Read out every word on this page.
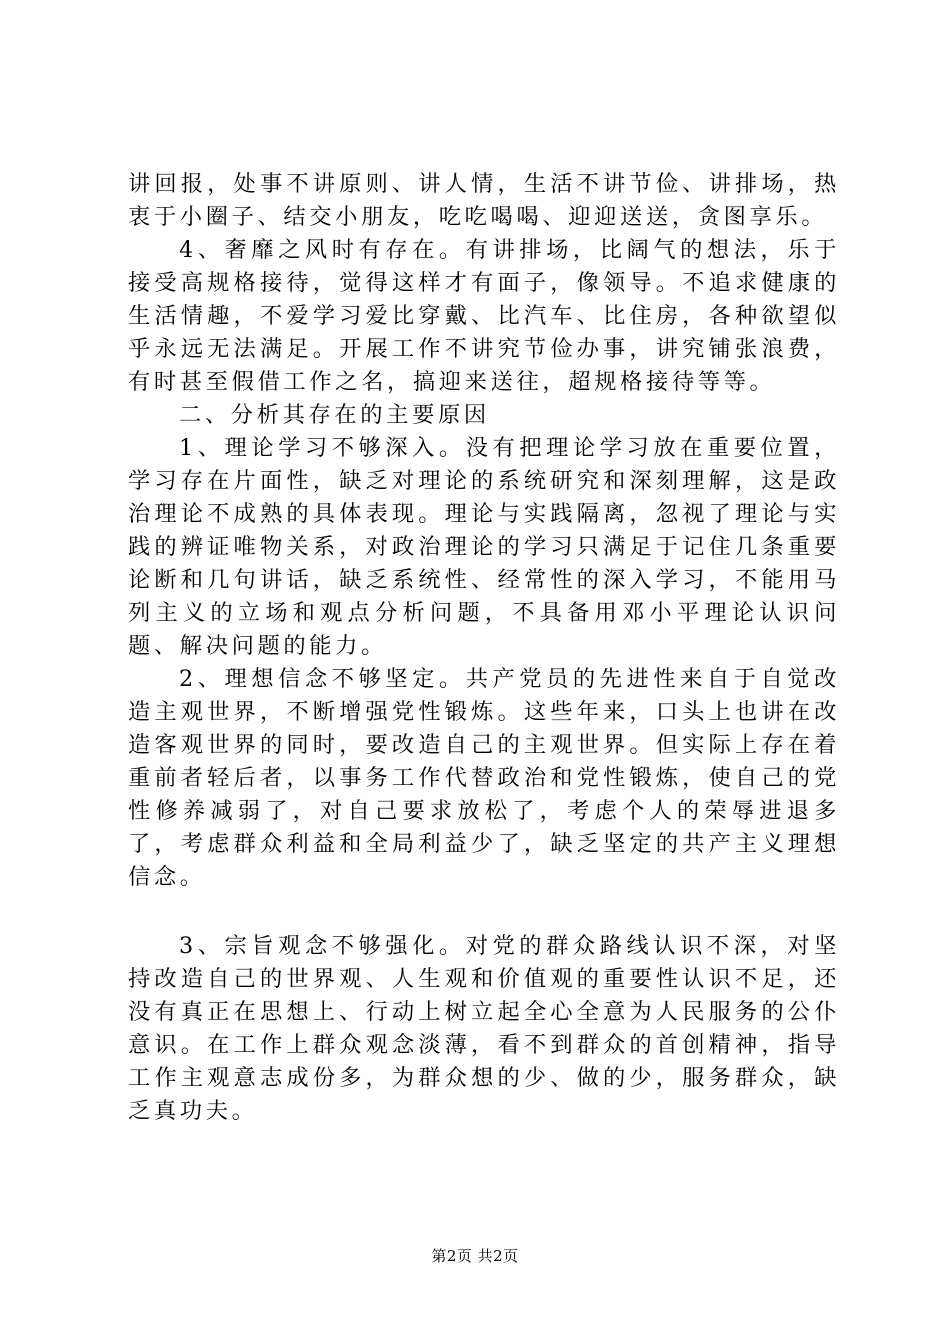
讲回报，处事不讲原则、讲人情，生活不讲节俭、讲排场，热衷于小圈子、结交小朋友，吃吃喝喝、迎迎送送，贪图享乐。

4、奢靡之风时有存在。有讲排场，比阔气的想法，乐于接受高规格接待，觉得这样才有面子，像领导。不追求健康的生活情趣，不爱学习爱比穿戴、比汽车、比住房，各种欲望似乎永远无法满足。开展工作不讲究节俭办事，讲究铺张浪费，有时甚至假借工作之名，搞迎来送往，超规格接待等等。

二、分析其存在的主要原因

1、理论学习不够深入。没有把理论学习放在重要位置，学习存在片面性，缺乏对理论的系统研究和深刻理解，这是政治理论不成熟的具体表现。理论与实践隔离，忽视了理论与实践的辨证唯物关系，对政治理论的学习只满足于记住几条重要论断和几句讲话，缺乏系统性、经常性的深入学习，不能用马列主义的立场和观点分析问题，不具备用邓小平理论认识问题、解决问题的能力。

2、理想信念不够坚定。共产党员的先进性来自于自觉改造主观世界，不断增强党性锻炼。这些年来，口头上也讲在改造客观世界的同时，要改造自己的主观世界。但实际上存在着重前者轻后者，以事务工作代替政治和党性锻炼，使自己的党性修养减弱了，对自己要求放松了，考虑个人的荣辱进退多了，考虑群众利益和全局利益少了，缺乏坚定的共产主义理想信念。

3、宗旨观念不够强化。对党的群众路线认识不深，对坚持改造自己的世界观、人生观和价值观的重要性认识不足，还没有真正在思想上、行动上树立起全心全意为人民服务的公仆意识。在工作上群众观念淡薄，看不到群众的首创精神，指导工作主观意志成份多，为群众想的少、做的少，服务群众，缺乏真功夫。

第2页 共2页
